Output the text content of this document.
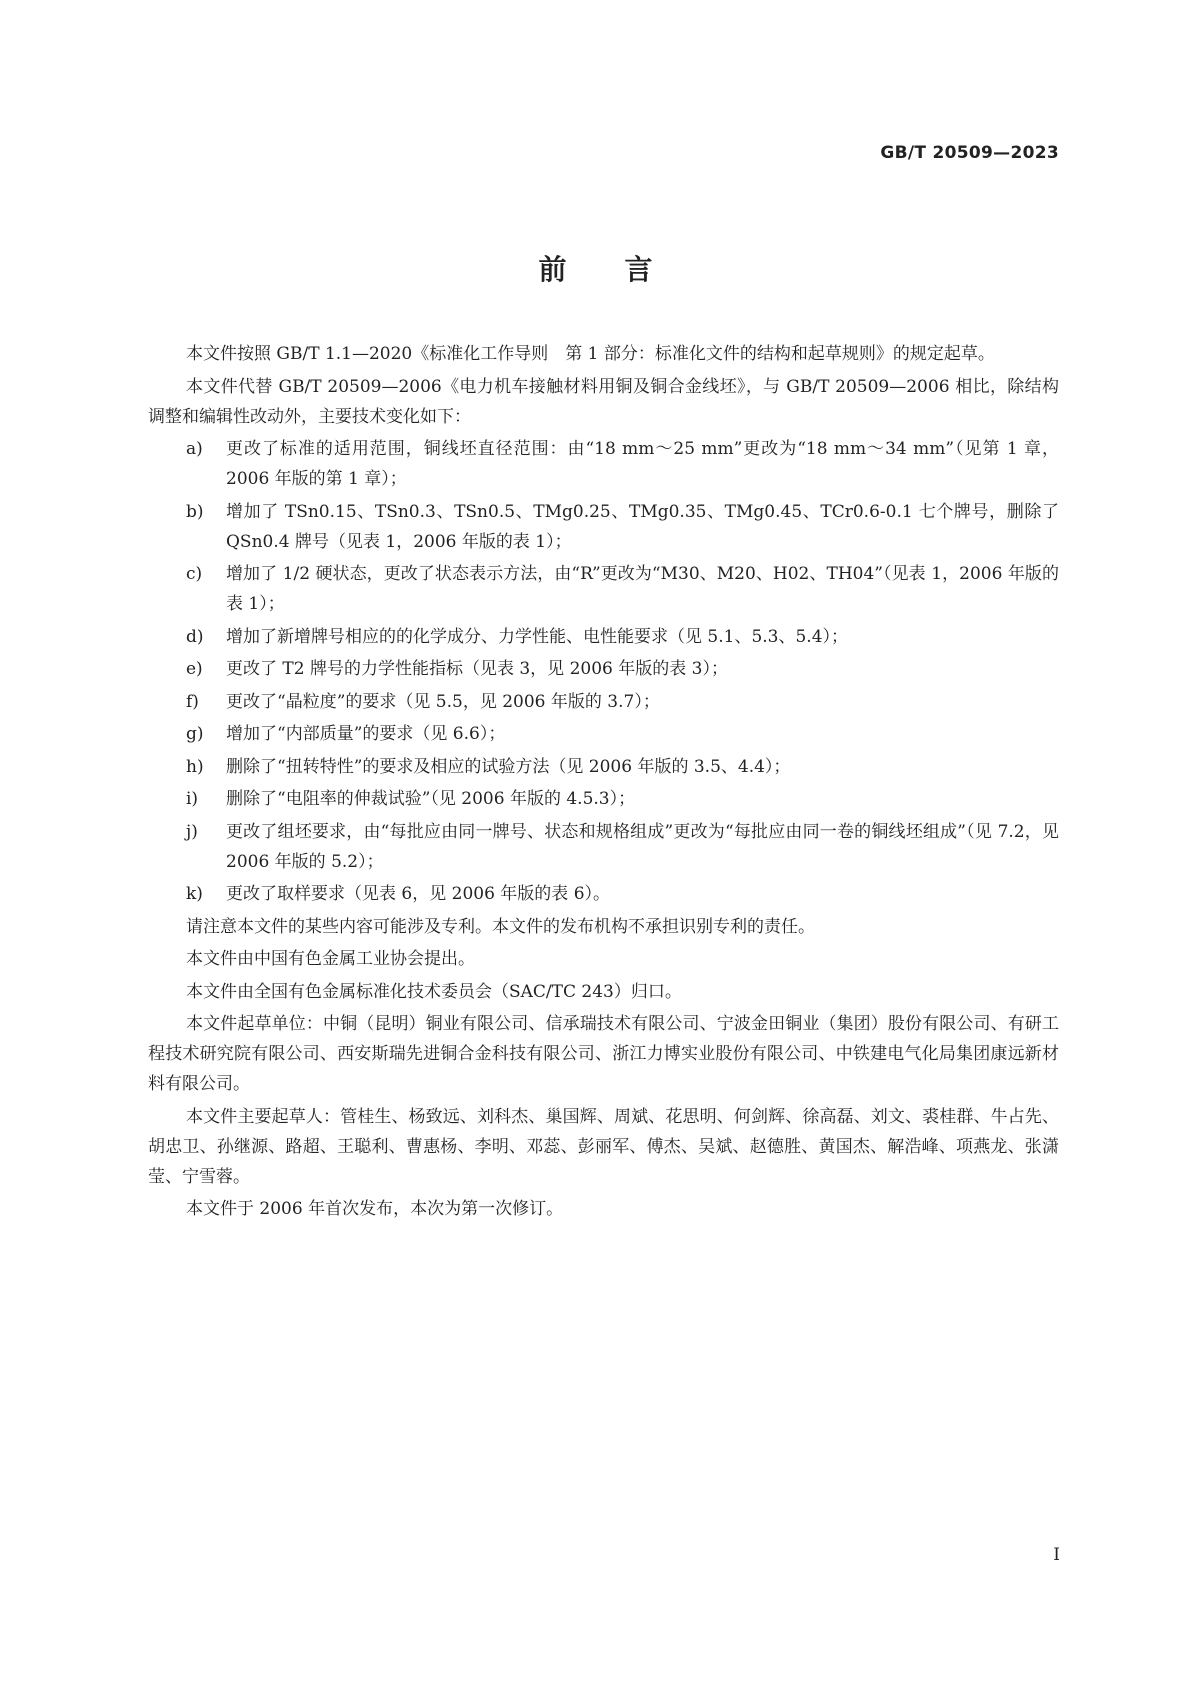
GB/T 20509—2023
前言

本文件按照 GB/T 1.1—2020《标准化工作导则　第 1 部分：标准化文件的结构和起草规则》的规定起草。

本文件代替 GB/T 20509—2006《电力机车接触材料用铜及铜合金线坯》，与 GB/T 20509—2006 相比，除结构调整和编辑性改动外，主要技术变化如下：

a) 更改了标准的适用范围，铜线坯直径范围：由“18 mm～25 mm”更改为“18 mm～34 mm”（见第 1 章，2006 年版的第 1 章）；
b) 增加了 TSn0.15、TSn0.3、TSn0.5、TMg0.25、TMg0.35、TMg0.45、TCr0.6-0.1 七个牌号，删除了 QSn0.4 牌号（见表 1，2006 年版的表 1）；
c) 增加了 1/2 硬状态，更改了状态表示方法，由“R”更改为“M30、M20、H02、TH04”（见表 1，2006 年版的表 1）；
d) 增加了新增牌号相应的的化学成分、力学性能、电性能要求（见 5.1、5.3、5.4）；
e) 更改了 T2 牌号的力学性能指标（见表 3，见 2006 年版的表 3）；
f) 更改了“晶粒度”的要求（见 5.5，见 2006 年版的 3.7）；
g) 增加了“内部质量”的要求（见 6.6）；
h) 删除了“扭转特性”的要求及相应的试验方法（见 2006 年版的 3.5、4.4）；
i) 删除了“电阻率的伸裁试验”（见 2006 年版的 4.5.3）；
j) 更改了组坯要求，由“每批应由同一牌号、状态和规格组成”更改为“每批应由同一卷的铜线坯组成”（见 7.2，见 2006 年版的 5.2）；
k) 更改了取样要求（见表 6，见 2006 年版的表 6）。

请注意本文件的某些内容可能涉及专利。本文件的发布机构不承担识别专利的责任。

本文件由中国有色金属工业协会提出。

本文件由全国有色金属标准化技术委员会（SAC/TC 243）归口。

本文件起草单位：中铜（昆明）铜业有限公司、信承瑞技术有限公司、宁波金田铜业（集团）股份有限公司、有研工程技术研究院有限公司、西安斯瑞先进铜合金科技有限公司、浙江力博实业股份有限公司、中铁建电气化局集团康远新材料有限公司。

本文件主要起草人：管桂生、杨致远、刘科杰、巢国辉、周斌、花思明、何剑辉、徐高磊、刘文、裘桂群、牛占先、胡忠卫、孙继源、路超、王聪利、曹惠杨、李明、邓蕊、彭丽军、傅杰、吴斌、赵德胜、黄国杰、解浩峰、项燕龙、张潇莹、宁雪蓉。

本文件于 2006 年首次发布，本次为第一次修订。

I
